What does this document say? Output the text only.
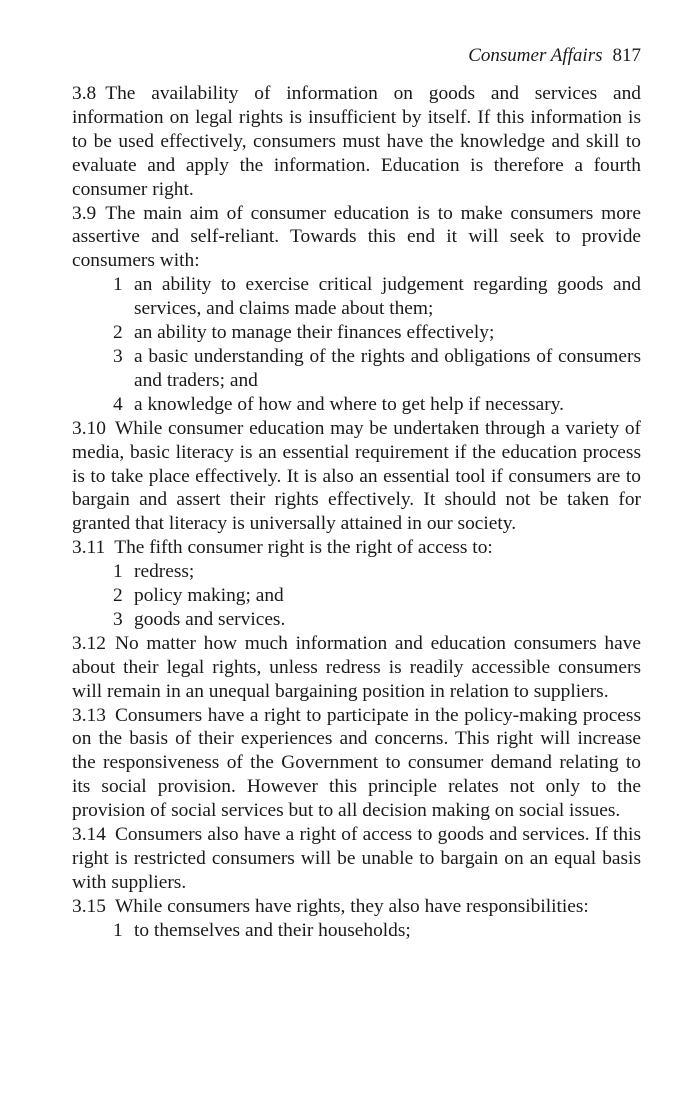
Consumer Affairs 817

3.8 The availability of information on goods and services and information on legal rights is insufficient by itself. If this information is to be used effectively, consumers must have the knowledge and skill to evaluate and apply the information. Education is therefore a fourth consumer right.

3.9 The main aim of consumer education is to make consumers more assertive and self-reliant. Towards this end it will seek to provide consumers with:

1 an ability to exercise critical judgement regarding goods and services, and claims made about them;
2 an ability to manage their finances effectively;
3 a basic understanding of the rights and obligations of consumers and traders; and
4 a knowledge of how and where to get help if necessary.

3.10 While consumer education may be undertaken through a variety of media, basic literacy is an essential requirement if the education process is to take place effectively. It is also an essential tool if consumers are to bargain and assert their rights effectively. It should not be taken for granted that literacy is universally attained in our society.

3.11 The fifth consumer right is the right of access to:

1 redress;
2 policy making; and
3 goods and services.

3.12 No matter how much information and education consumers have about their legal rights, unless redress is readily accessible consumers will remain in an unequal bargaining position in relation to suppliers.

3.13 Consumers have a right to participate in the policy-making process on the basis of their experiences and concerns. This right will increase the responsiveness of the Government to consumer demand relating to its social provision. However this principle relates not only to the provision of social services but to all decision making on social issues.

3.14 Consumers also have a right of access to goods and services. If this right is restricted consumers will be unable to bargain on an equal basis with suppliers.

3.15 While consumers have rights, they also have responsibilities:

1 to themselves and their households;
